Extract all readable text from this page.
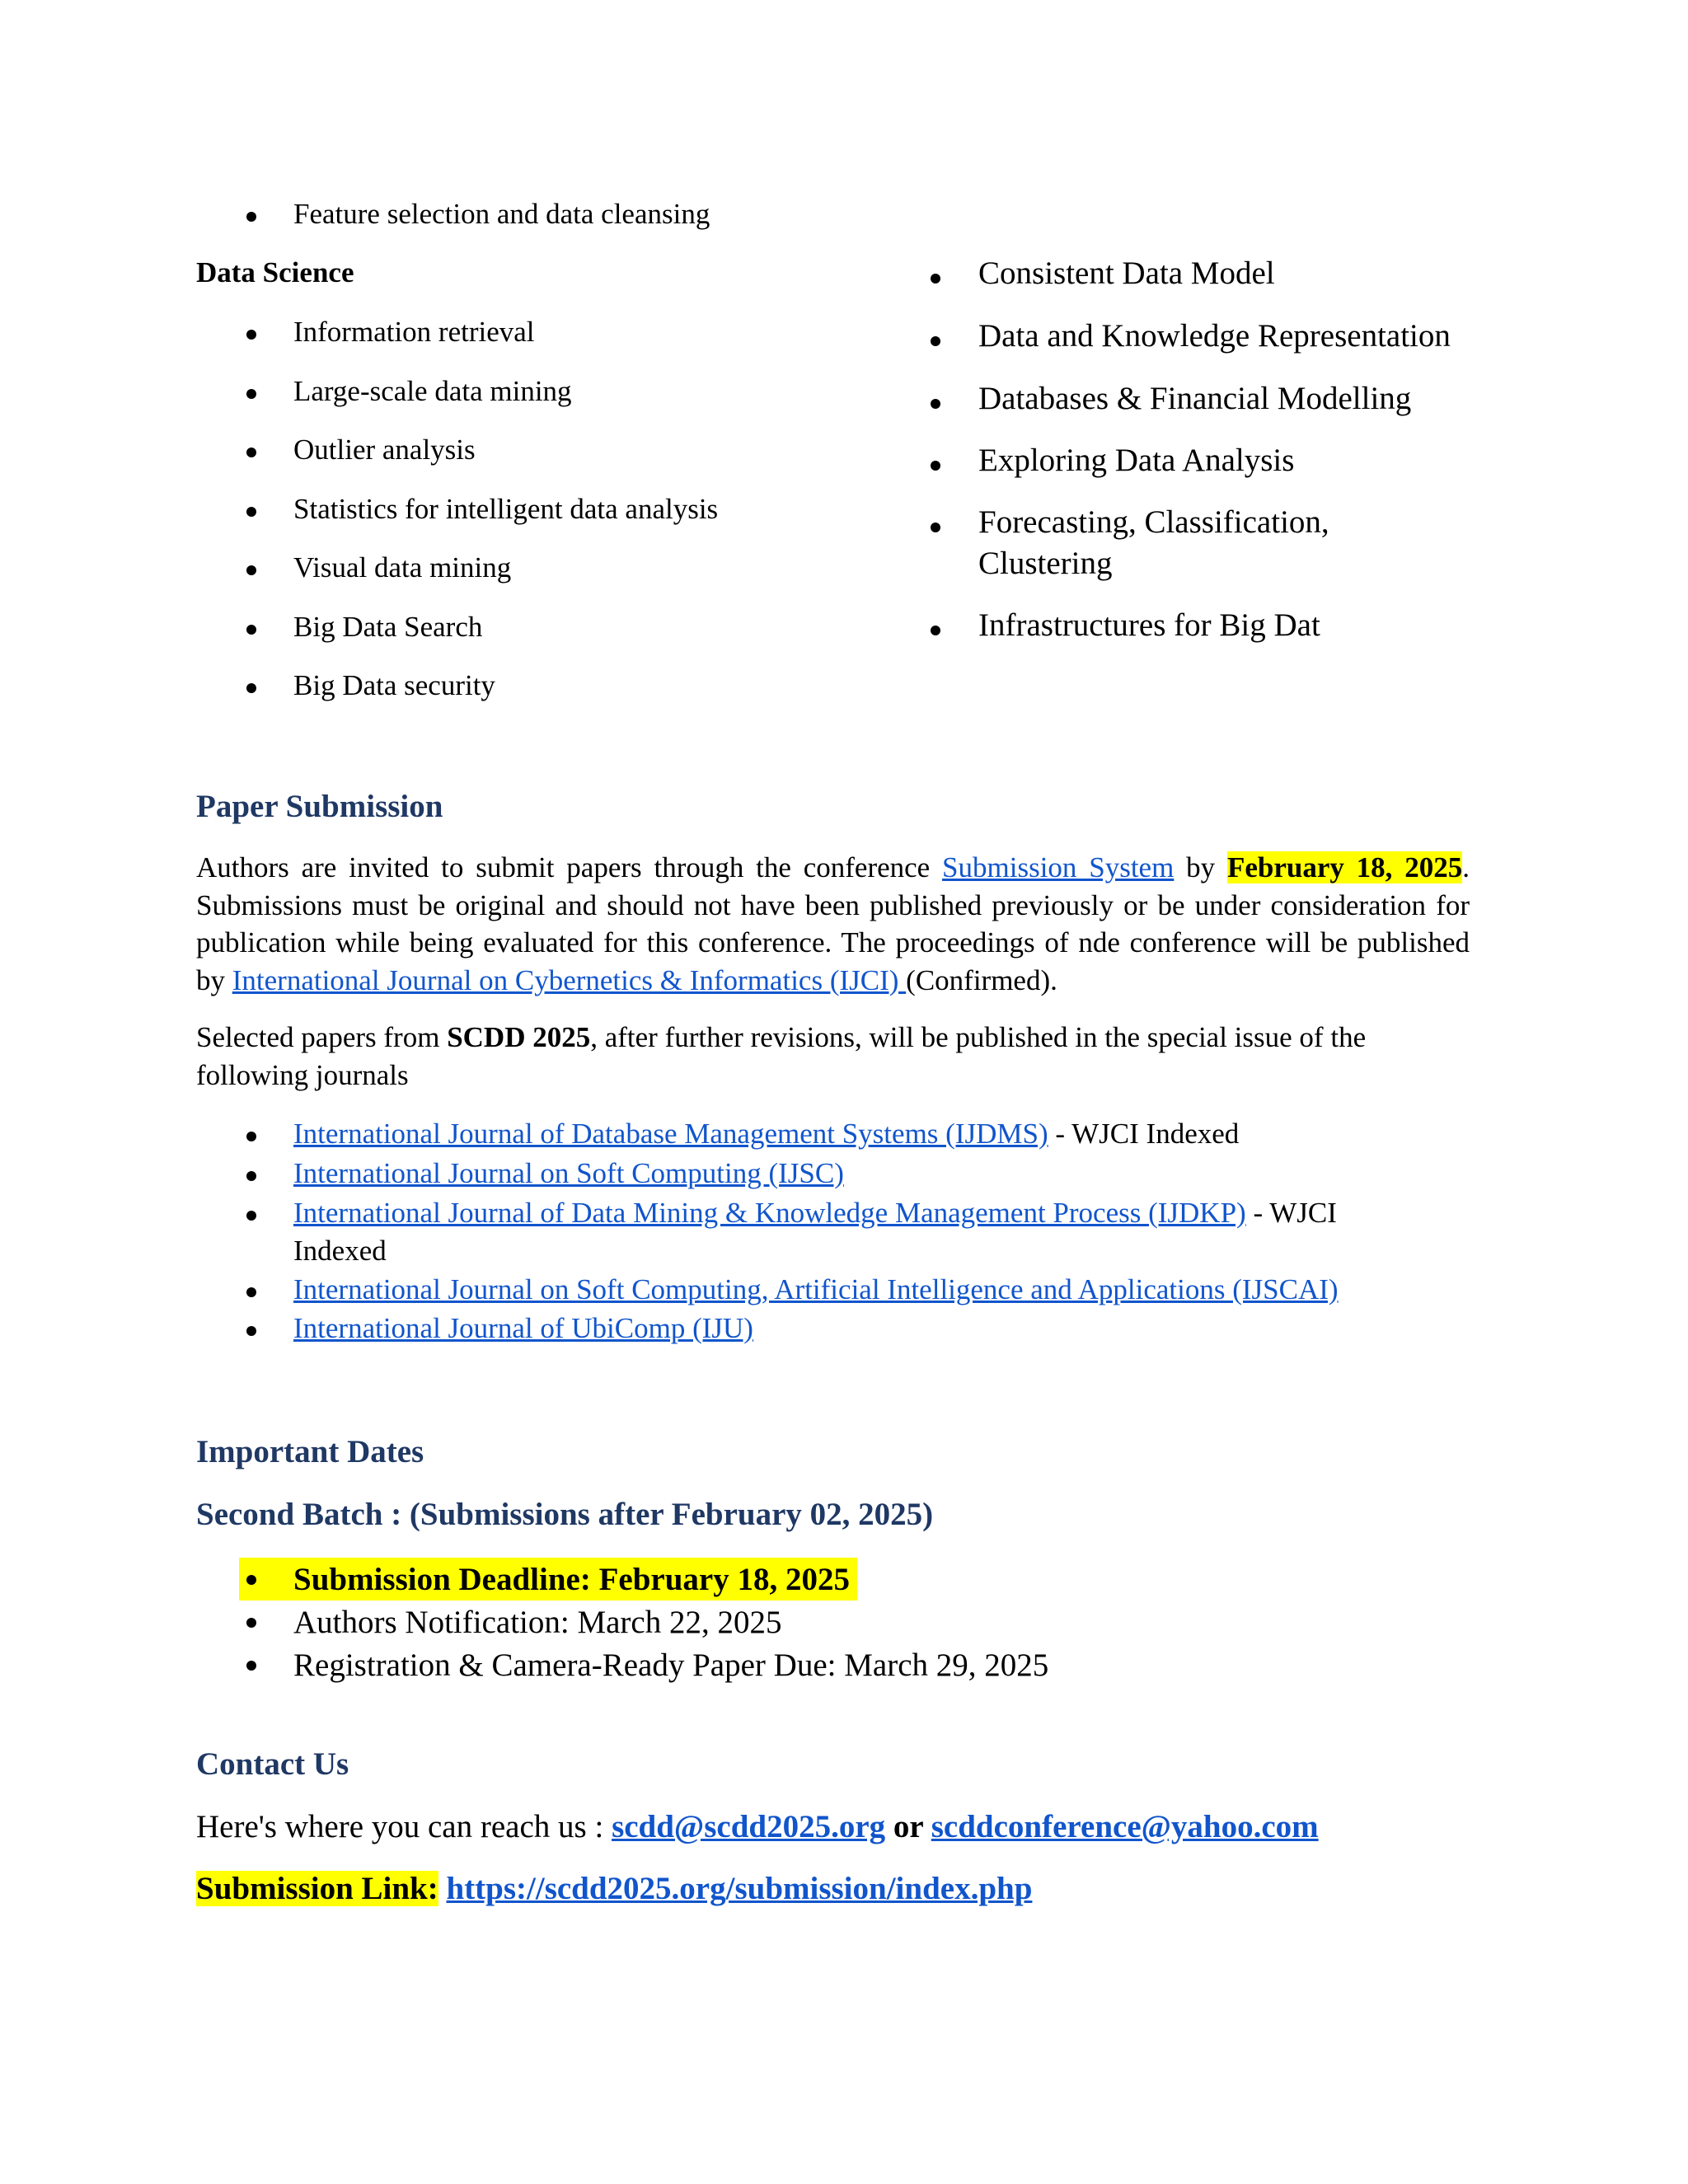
Feature selection and data cleansing
Data Science
Information retrieval
Large-scale data mining
Outlier analysis
Statistics for intelligent data analysis
Visual data mining
Big Data Search
Big Data security
Consistent Data Model
Data and Knowledge Representation
Databases & Financial Modelling
Exploring Data Analysis
Forecasting, Classification,
Clustering
Infrastructures for Big Dat
Paper Submission

Authors are invited to submit papers through the conference Submission System by February 18, 2025. Submissions must be original and should not have been published previously or be under consideration for publication while being evaluated for this conference. The proceedings of nde conference will be published by International Journal on Cybernetics & Informatics (IJCI) (Confirmed).

Selected papers from SCDD 2025, after further revisions, will be published in the special issue of the following journals

International Journal of Database Management Systems (IJDMS) - WJCI Indexed
International Journal on Soft Computing (IJSC)
International Journal of Data Mining & Knowledge Management Process (IJDKP) - WJCI
Indexed
International Journal on Soft Computing, Artificial Intelligence and Applications (IJSCAI)
International Journal of UbiComp (IJU)
Important Dates
Second Batch : (Submissions after February 02, 2025)
Submission Deadline: February 18, 2025
Authors Notification: March 22, 2025
Registration & Camera-Ready Paper Due: March 29, 2025
Contact Us
Here's where you can reach us : scdd@scdd2025.org or scddconference@yahoo.com
Submission Link: https://scdd2025.org/submission/index.php
